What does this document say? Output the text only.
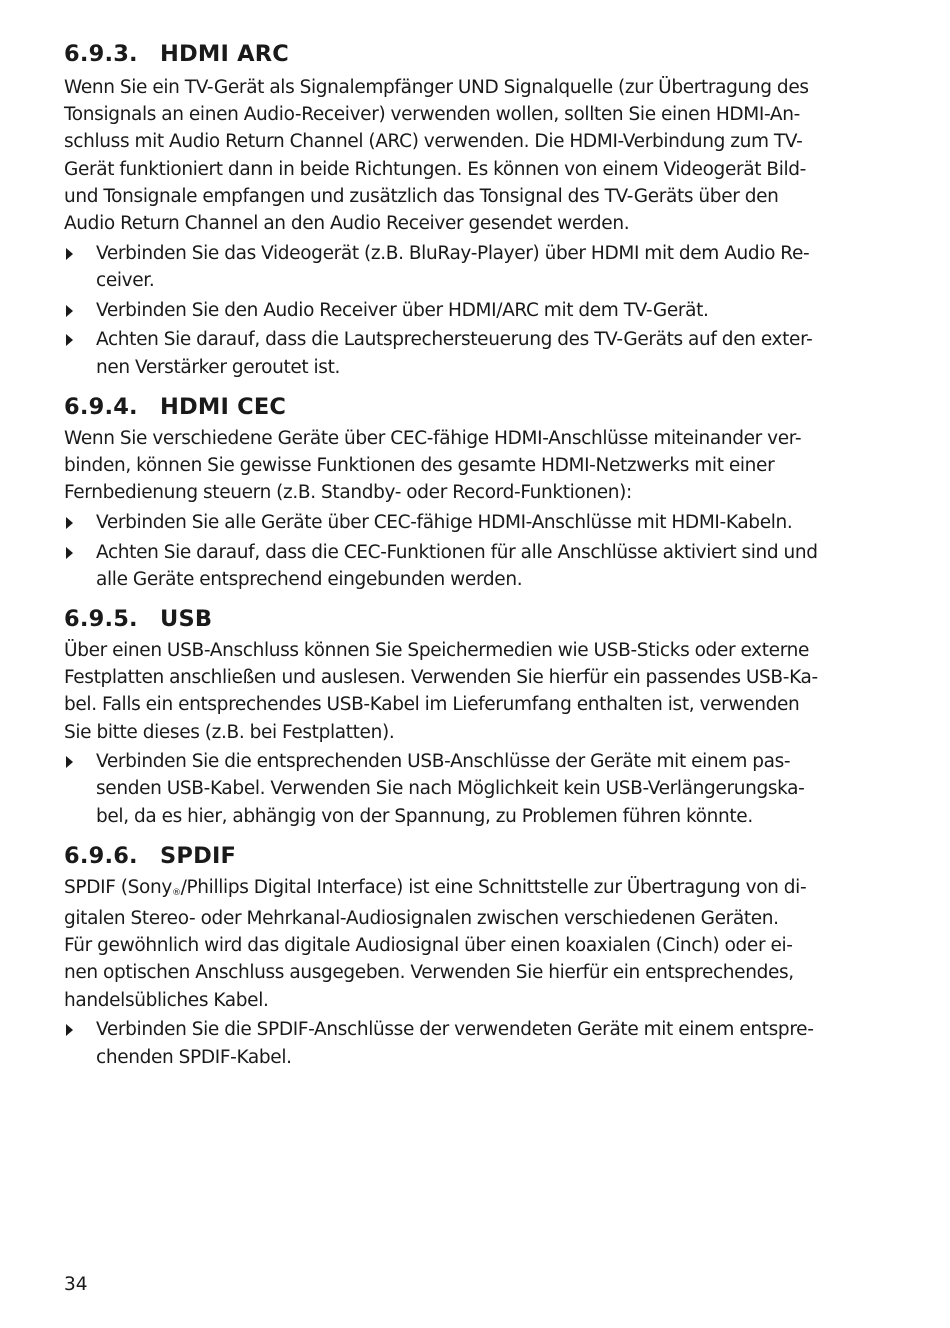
6.9.3. HDMI ARC

Wenn Sie ein TV-Gerät als Signalempfänger UND Signalquelle (zur Übertragung des
Tonsignals an einen Audio-Receiver) verwenden wollen, sollten Sie einen HDMI-An-
schluss mit Audio Return Channel (ARC) verwenden. Die HDMI-Verbindung zum TV-
Gerät funktioniert dann in beide Richtungen. Es können von einem Videogerät Bild-
und Tonsignale empfangen und zusätzlich das Tonsignal des TV-Geräts über den
Audio Return Channel an den Audio Receiver gesendet werden.

Verbinden Sie das Videogerät (z.B. BluRay-Player) über HDMI mit dem Audio Re-
ceiver.
Verbinden Sie den Audio Receiver über HDMI/ARC mit dem TV-Gerät.
Achten Sie darauf, dass die Lautsprechersteuerung des TV-Geräts auf den exter-
nen Verstärker geroutet ist.
6.9.4. HDMI CEC

Wenn Sie verschiedene Geräte über CEC-fähige HDMI-Anschlüsse miteinander ver-
binden, können Sie gewisse Funktionen des gesamte HDMI-Netzwerks mit einer
Fernbedienung steuern (z.B. Standby- oder Record-Funktionen):

Verbinden Sie alle Geräte über CEC-fähige HDMI-Anschlüsse mit HDMI-Kabeln.
Achten Sie darauf, dass die CEC-Funktionen für alle Anschlüsse aktiviert sind und
alle Geräte entsprechend eingebunden werden.
6.9.5. USB

Über einen USB-Anschluss können Sie Speichermedien wie USB-Sticks oder externe
Festplatten anschließen und auslesen. Verwenden Sie hierfür ein passendes USB-Ka-
bel. Falls ein entsprechendes USB-Kabel im Lieferumfang enthalten ist, verwenden
Sie bitte dieses (z.B. bei Festplatten).

Verbinden Sie die entsprechenden USB-Anschlüsse der Geräte mit einem pas-
senden USB-Kabel. Verwenden Sie nach Möglichkeit kein USB-Verlängerungska-
bel, da es hier, abhängig von der Spannung, zu Problemen führen könnte.
6.9.6. SPDIF

SPDIF (Sony®/Phillips Digital Interface) ist eine Schnittstelle zur Übertragung von di-
gitalen Stereo- oder Mehrkanal-Audiosignalen zwischen verschiedenen Geräten.
Für gewöhnlich wird das digitale Audiosignal über einen koaxialen (Cinch) oder ei-
nen optischen Anschluss ausgegeben. Verwenden Sie hierfür ein entsprechendes,
handelsübliches Kabel.

Verbinden Sie die SPDIF-Anschlüsse der verwendeten Geräte mit einem entspre-
chenden SPDIF-Kabel.
34
